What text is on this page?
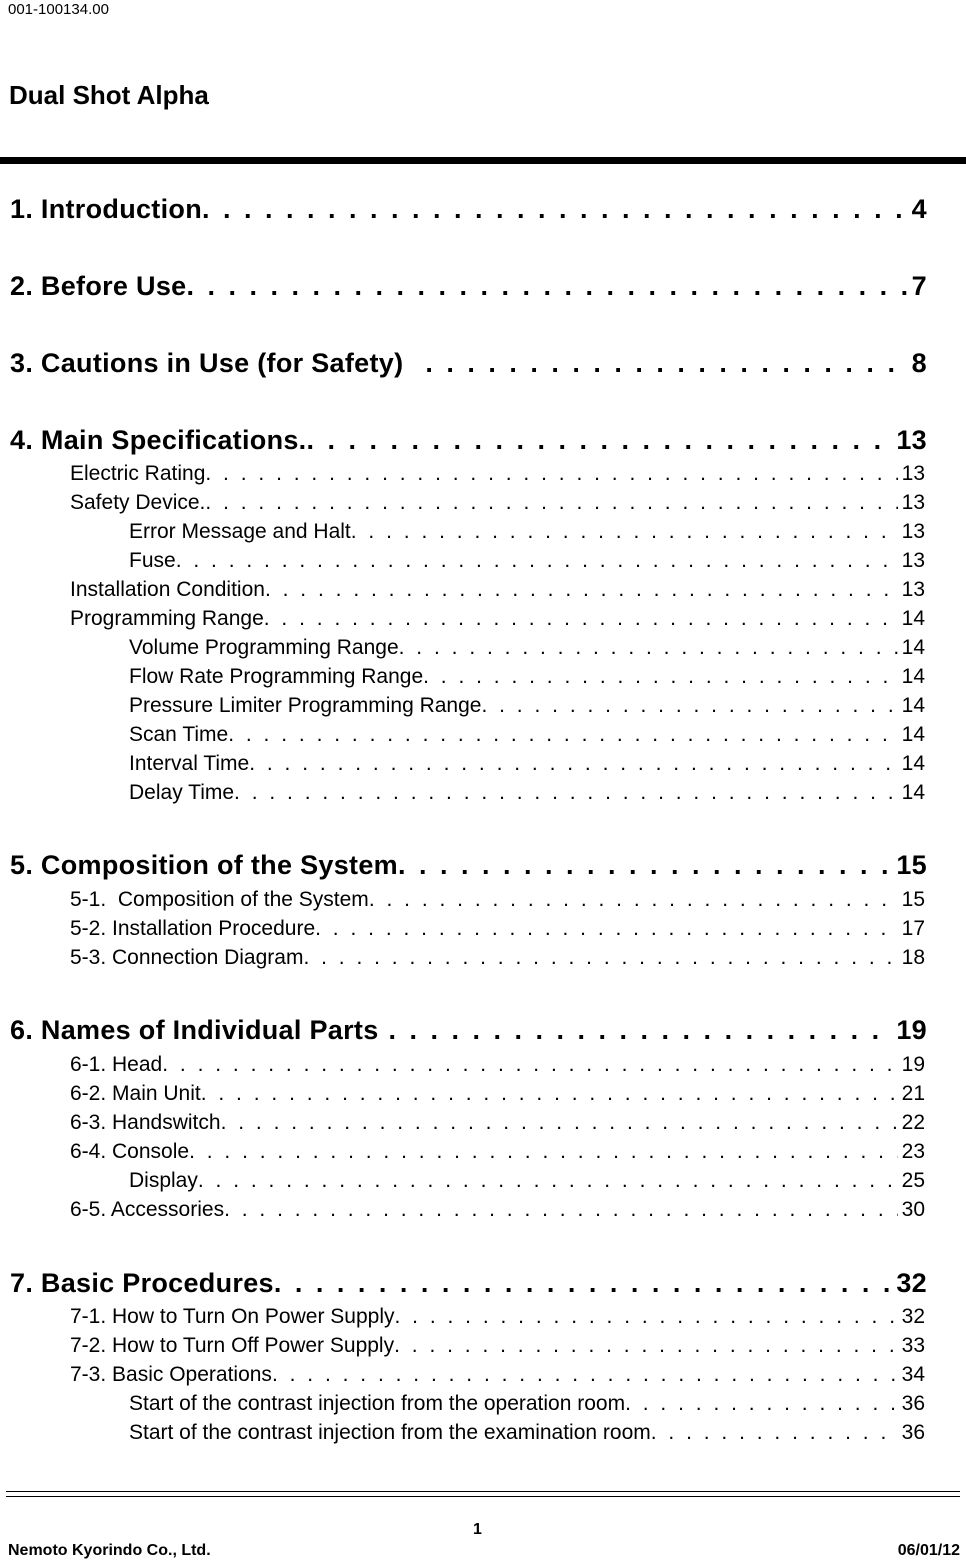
001-100134.00
Dual Shot Alpha
1. Introduction . . .	4
2. Before Use . . .	7
3. Cautions in Use (for Safety) . . .	8
4. Main Specifications. . . .	13
Electric Rating . . .	13
Safety Device. . . .	13
Error Message and Halt . . .	13
Fuse . . .	13
Installation Condition . . .	13
Programming Range . . .	14
Volume Programming Range . . .	14
Flow Rate Programming Range . . .	14
Pressure Limiter Programming Range . . .	14
Scan Time . . .	14
Interval Time . . .	14
Delay Time . . .	14
5. Composition of the System . . .	15
5-1.  Composition of the System . . .	15
5-2. Installation Procedure . . .	17
5-3. Connection Diagram . . .	18
6. Names of Individual Parts . . .	19
6-1. Head . . .	19
6-2. Main Unit . . .	21
6-3. Handswitch . . .	22
6-4. Console . . .	23
Display . . .	25
6-5. Accessories . . .	30
7. Basic Procedures . . .	32
7-1. How to Turn On Power Supply . . .	32
7-2. How to Turn Off Power Supply . . .	33
7-3. Basic Operations . . .	34
Start of the contrast injection from the operation room . . .	36
Start of the contrast injection from the examination room . . .	36
1
Nemoto Kyorindo Co., Ltd.	06/01/12
